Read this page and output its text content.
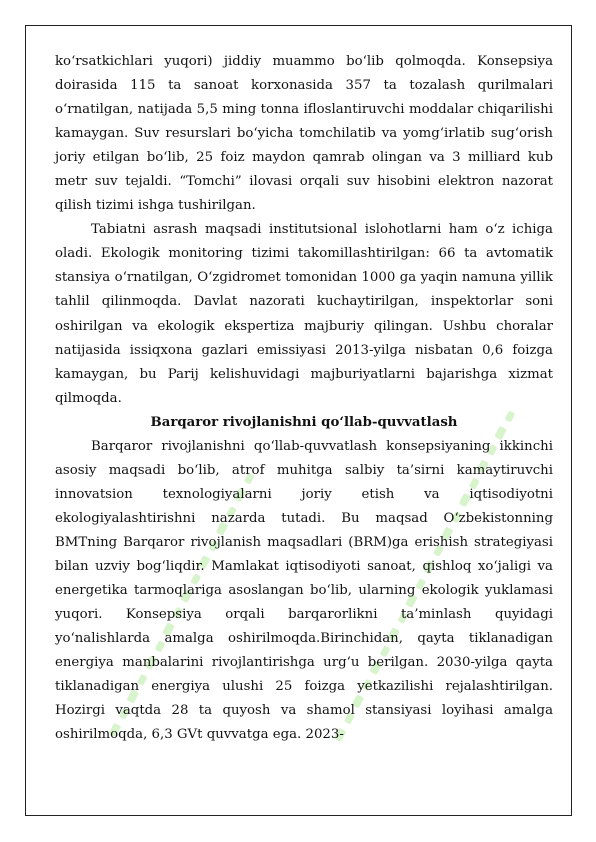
ko‘rsatkichlari yuqori) jiddiy muammo bo‘lib qolmoqda. Konsepsiya doirasida 115 ta sanoat korxonasida 357 ta tozalash qurilmalari o‘rnatilgan, natijada 5,5 ming tonna ifloslantiruvchi moddalar chiqarilishi kamaygan. Suv resurslari bo‘yicha tomchilatib va yomg‘irlatib sug‘orish joriy etilgan bo‘lib, 25 foiz maydon qamrab olingan va 3 milliard kub metr suv tejaldi. “Tomchi” ilovasi orqali suv hisobini elektron nazorat qilish tizimi ishga tushirilgan.

Tabiatni asrash maqsadi institutsional islohotlarni ham o‘z ichiga oladi. Ekologik monitoring tizimi takomillashtirilgan: 66 ta avtomatik stansiya o‘rnatilgan, O‘zgidromet tomonidan 1000 ga yaqin namuna yillik tahlil qilinmoqda. Davlat nazorati kuchaytirilgan, inspektorlar soni oshirilgan va ekologik ekspertiza majburiy qilingan. Ushbu choralar natijasida issiqxona gazlari emissiyasi 2013-yilga nisbatan 0,6 foizga kamaygan, bu Parij kelishuvidagi majburiyatlarni bajarishga xizmat qilmoqda.

Barqaror rivojlanishni qo‘llab-quvvatlash

Barqaror rivojlanishni qo‘llab-quvvatlash konsepsiyaning ikkinchi asosiy maqsadi bo‘lib, atrof muhitga salbiy ta’sirni kamaytiruvchi innovatsion texnologiyalarni joriy etish va iqtisodiyotni ekologiyalashtirishni nazarda tutadi. Bu maqsad O‘zbekistonning BMTning Barqaror rivojlanish maqsadlari (BRM)ga erishish strategiyasi bilan uzviy bog‘liqdir. Mamlakat iqtisodiyoti sanoat, qishloq xo‘jaligi va energetika tarmoqlariga asoslangan bo‘lib, ularning ekologik yuklamasi yuqori. Konsepsiya orqali barqarorlikni ta’minlash quyidagi yo‘nalishlarda amalga oshirilmoqda.Birinchidan, qayta tiklanadigan energiya manbalarini rivojlantirishga urg‘u berilgan. 2030-yilga qayta tiklanadigan energiya ulushi 25 foizga yetkazilishi rejalashtirilgan. Hozirgi vaqtda 28 ta quyosh va shamol stansiyasi loyihasi amalga oshirilmoqda, 6,3 GVt quvvatga ega. 2023-
